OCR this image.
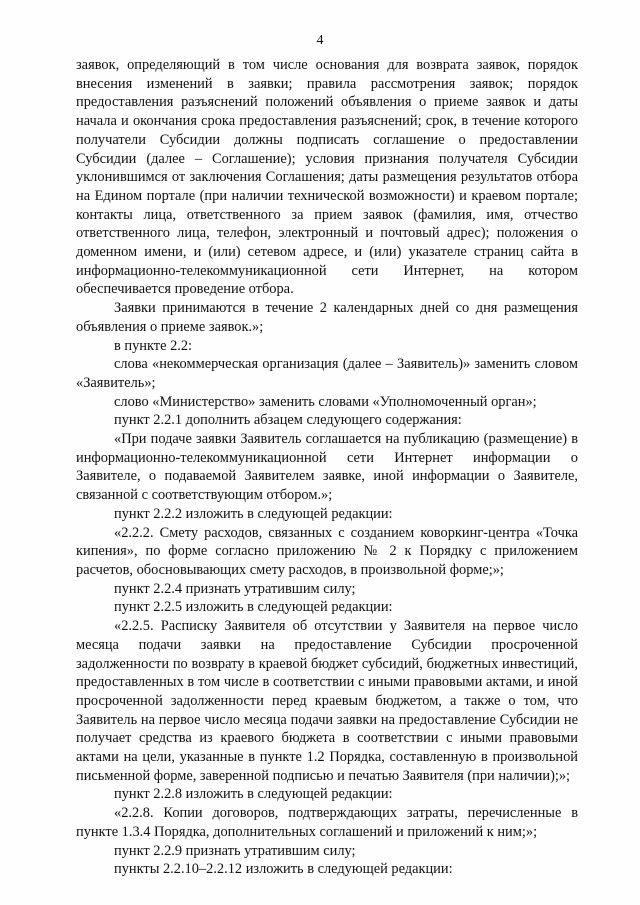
4

заявок, определяющий в том числе основания для возврата заявок, порядок внесения изменений в заявки; правила рассмотрения заявок; порядок предоставления разъяснений положений объявления о приеме заявок и даты начала и окончания срока предоставления разъяснений; срок, в течение которого получатели Субсидии должны подписать соглашение о предоставлении Субсидии (далее – Соглашение); условия признания получателя Субсидии уклонившимся от заключения Соглашения; даты размещения результатов отбора на Едином портале (при наличии технической возможности) и краевом портале; контакты лица, ответственного за прием заявок (фамилия, имя, отчество ответственного лица, телефон, электронный и почтовый адрес); положения о доменном имени, и (или) сетевом адресе, и (или) указателе страниц сайта в информационно-телекоммуникационной сети Интернет, на котором обеспечивается проведение отбора.

Заявки принимаются в течение 2 календарных дней со дня размещения объявления о приеме заявок.»;

в пункте 2.2:

слова «некоммерческая организация (далее – Заявитель)» заменить словом «Заявитель»;

слово «Министерство» заменить словами «Уполномоченный орган»;

пункт 2.2.1 дополнить абзацем следующего содержания:

«При подаче заявки Заявитель соглашается на публикацию (размещение) в информационно-телекоммуникационной сети Интернет информации о Заявителе, о подаваемой Заявителем заявке, иной информации о Заявителе, связанной с соответствующим отбором.»;

пункт 2.2.2 изложить в следующей редакции:

«2.2.2. Смету расходов, связанных с созданием коворкинг-центра «Точка кипения», по форме согласно приложению № 2 к Порядку с приложением расчетов, обосновывающих смету расходов, в произвольной форме;»;

пункт 2.2.4 признать утратившим силу;

пункт 2.2.5 изложить в следующей редакции:

«2.2.5. Расписку Заявителя об отсутствии у Заявителя на первое число месяца подачи заявки на предоставление Субсидии просроченной задолженности по возврату в краевой бюджет субсидий, бюджетных инвестиций, предоставленных в том числе в соответствии с иными правовыми актами, и иной просроченной задолженности перед краевым бюджетом, а также о том, что Заявитель на первое число месяца подачи заявки на предоставление Субсидии не получает средства из краевого бюджета в соответствии с иными правовыми актами на цели, указанные в пункте 1.2 Порядка, составленную в произвольной письменной форме, заверенной подписью и печатью Заявителя (при наличии);»;

пункт 2.2.8 изложить в следующей редакции:

«2.2.8. Копии договоров, подтверждающих затраты, перечисленные в пункте 1.3.4 Порядка, дополнительных соглашений и приложений к ним;»;

пункт 2.2.9 признать утратившим силу;

пункты 2.2.10–2.2.12 изложить в следующей редакции:
